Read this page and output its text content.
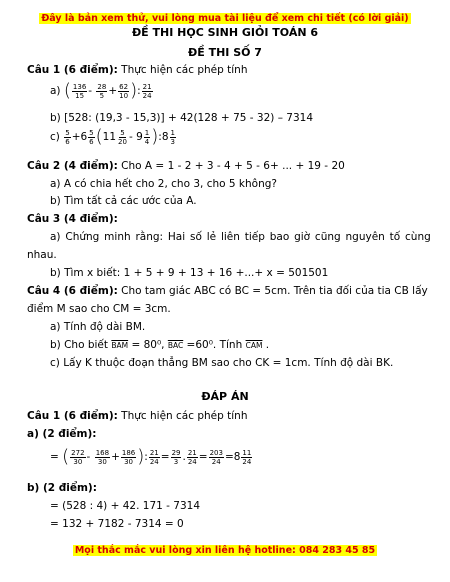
Đây là bản xem thử, vui lòng mua tài liệu để xem chi tiết (có lời giải)
ĐỀ THI HỌC SINH GIỎI TOÁN 6
ĐỀ THI SỐ 7
Câu 1 (6 điểm): Thực hiện các phép tính
a) ( $\frac{136}{15} - \frac{28}{5} + \frac{62}{10}$ ): $\frac{21}{24}$
b) [528: (19,3 - 15,3)] + 42(128 + 75 - 32) – 7314
$c) \frac{5}{6} +6 \frac{5}{6} (11 \frac{5}{20} - 9 \frac{1}{4}$ ):8 $\frac{1}{3}$
Câu 2 (4 điểm): Cho A = 1 - 2 + 3 - 4 + 5 - 6+ ... + 19 - 20
a) A có chia hết cho 2, cho 3, cho 5 không?
b) Tìm tất cả các ước của A.
Câu 3 (4 điểm):
a) Chứng minh rằng: Hai số lẻ liên tiếp bao giờ cũng nguyên tố cùng
nhau.
b) Tìm x biết: 1 + 5 + 9 + 13 + 16 +...+ x = 501501
Câu 4 (6 điểm): Cho tam giác ABC có BC = 5cm. Trên tia đối của tia CB lấy
điểm M sao cho CM = 3cm.
a) Tính độ dài BM.
b) Cho biết $\overline{BAM} = 80^0$, $\overline{BAC} =60^0$. Tính $\overline{CAM}$ .
c) Lấy K thuộc đoạn thẳng BM sao cho CK = 1cm. Tính độ dài BK.
ĐÁP ÁN
Câu 1 (6 điểm): Thực hiện các phép tính
a) (2 điểm):
= ( $\frac{272}{30} - \frac{168}{30} + \frac{186}{30}$ ): $\frac{21}{24} = \frac{29}{3}$ . $\frac{21}{24} = \frac{203}{24} =8 \frac{11}{24}$
b) (2 điểm):
= (528 : 4) + 42. 171 - 7314
= 132 + 7182 - 7314 = 0
Mọi thắc mắc vui lòng xin liên hệ hotline: 084 283 45 85
